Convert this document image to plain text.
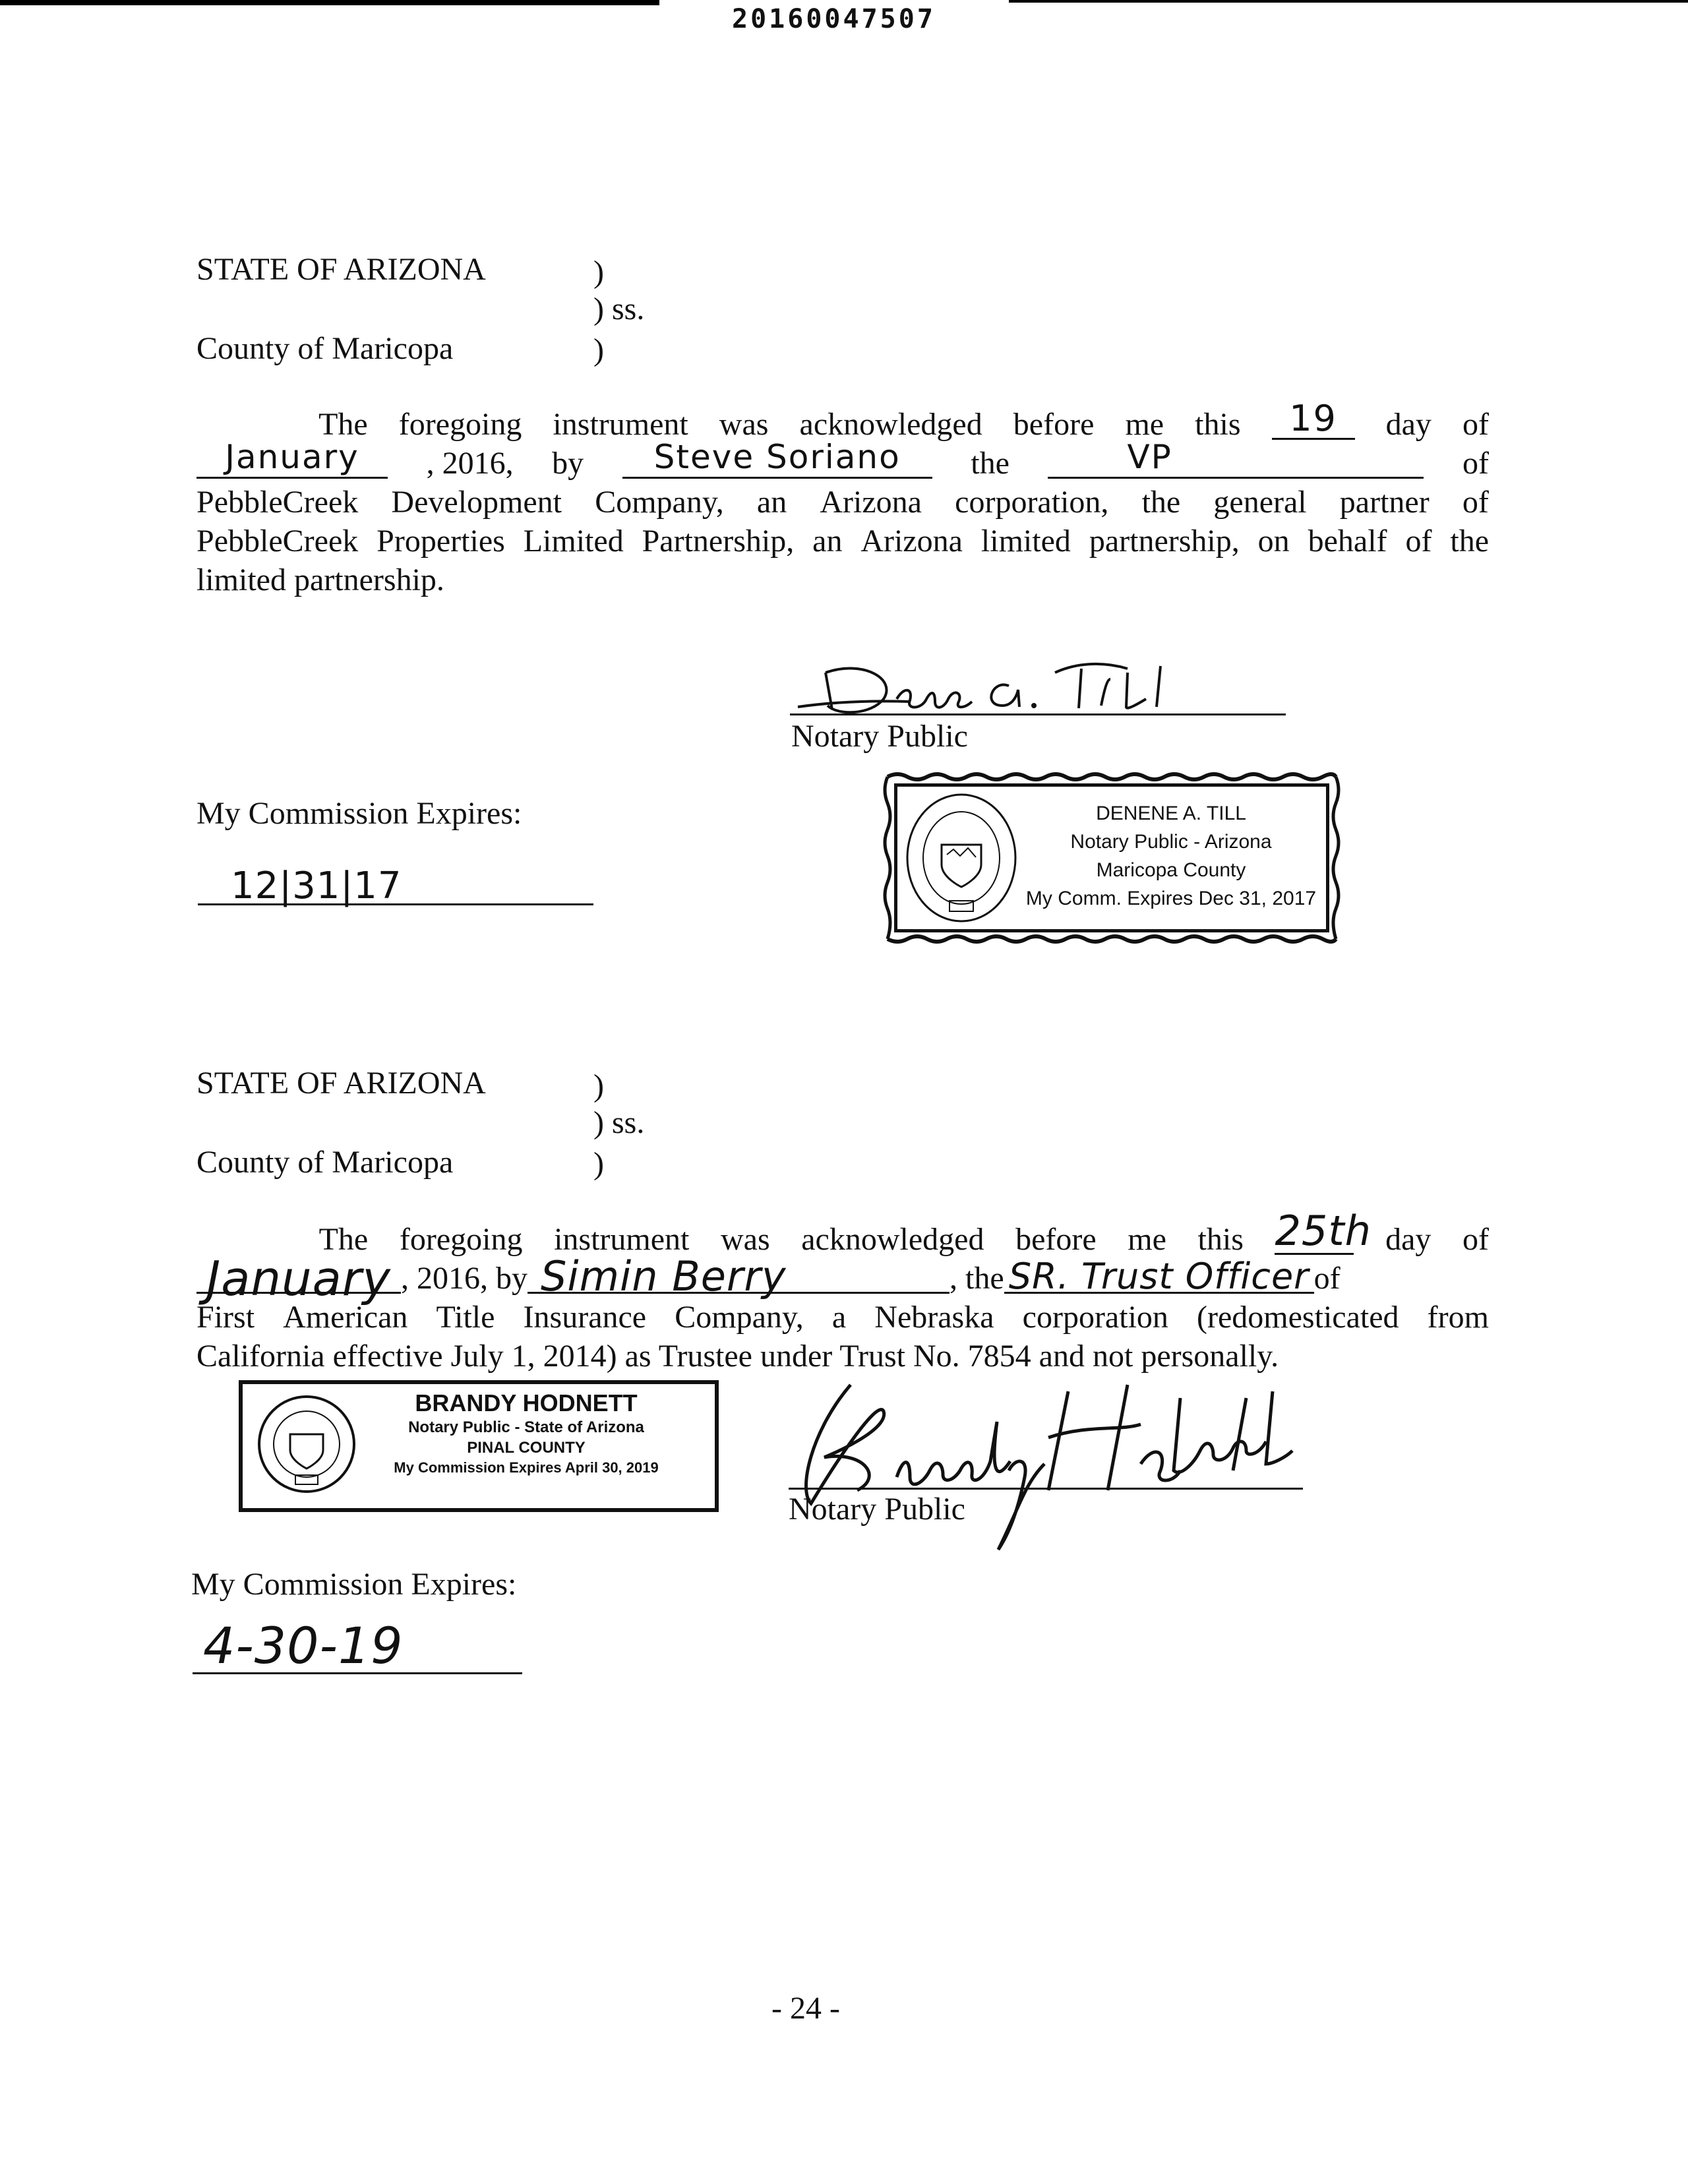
20160047507
STATE OF ARIZONA	)
) ss.
County of Maricopa	)
The foregoing instrument was acknowledged before me this	19	day of
January	, 2016, by	Steve Soriano	the	VP	of
PebbleCreek Development Company, an Arizona corporation, the general partner of
PebbleCreek Properties Limited Partnership, an Arizona limited partnership, on behalf of the
limited partnership.
Notary Public
My Commission Expires:
12|31|17
DENENE A. TILL
Notary Public - Arizona
Maricopa County
My Comm. Expires Dec 31, 2017
STATE OF ARIZONA	)
) ss.
County of Maricopa	)
The foregoing instrument was acknowledged before me this 25th day of
January , 2016, by Simin Berry	, the SR. Trust Officer of
First American Title Insurance Company, a Nebraska corporation (redomesticated from
California effective July 1, 2014) as Trustee under Trust No. 7854 and not personally.
BRANDY HODNETT
Notary Public - State of Arizona
PINAL COUNTY
My Commission Expires April 30, 2019
Notary Public
My Commission Expires:
4-30-19
- 24 -
